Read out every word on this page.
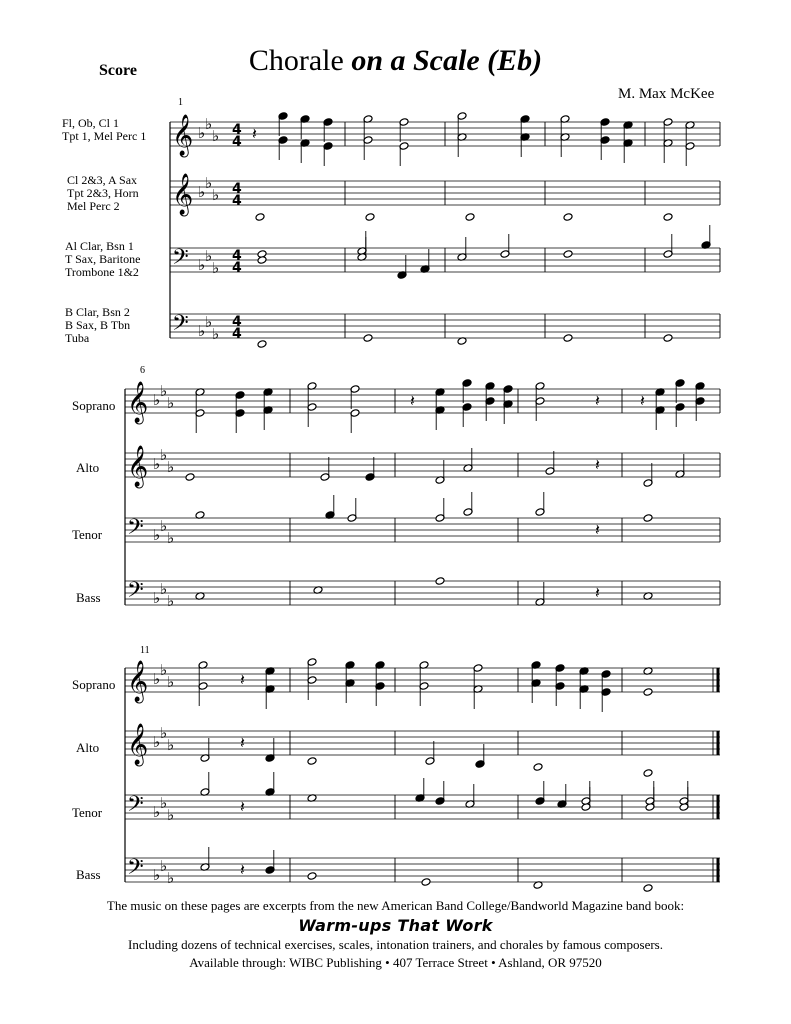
Score	Chorale on a Scale (Eb)
M. Max McKee
Fl, Ob, Cl 1
Tpt 1, Mel Perc 1
Cl 2&3, A Sax
Tpt 2&3, Horn
Mel Perc 2
Al Clar, Bsn 1
T Sax, Baritone
Trombone 1&2
B Clar, Bsn 2
B Sax, B Tbn
Tuba
Soprano
Alto
Tenor
Bass
Soprano
Alto
Tenor
Bass
1
6
11
𝄞
𝄞
𝄢
𝄢
♭ ♭
♭
♭ ♭
♭
♭ ♭
♭
♭ ♭
♭
4
4
4
4
4
4
4
4
𝄽
𝄞
𝄞
𝄢
𝄢
♭ ♭
♭
♭ ♭
♭
♭ ♭
♭
♭ ♭
♭
𝄽	𝄽	𝄽
𝄽
𝄽
𝄽
𝄞
𝄞
𝄢
𝄢
♭ ♭
♭
♭ ♭
♭
♭ ♭
♭
♭ ♭
♭
𝄽
𝄽
𝄽
𝄽
The music on these pages are excerpts from the new American Band College/Bandworld Magazine band book:
Warm-ups That Work
Including dozens of technical exercises, scales, intonation trainers, and chorales by famous composers.
Available through: WIBC Publishing • 407 Terrace Street • Ashland, OR 97520
